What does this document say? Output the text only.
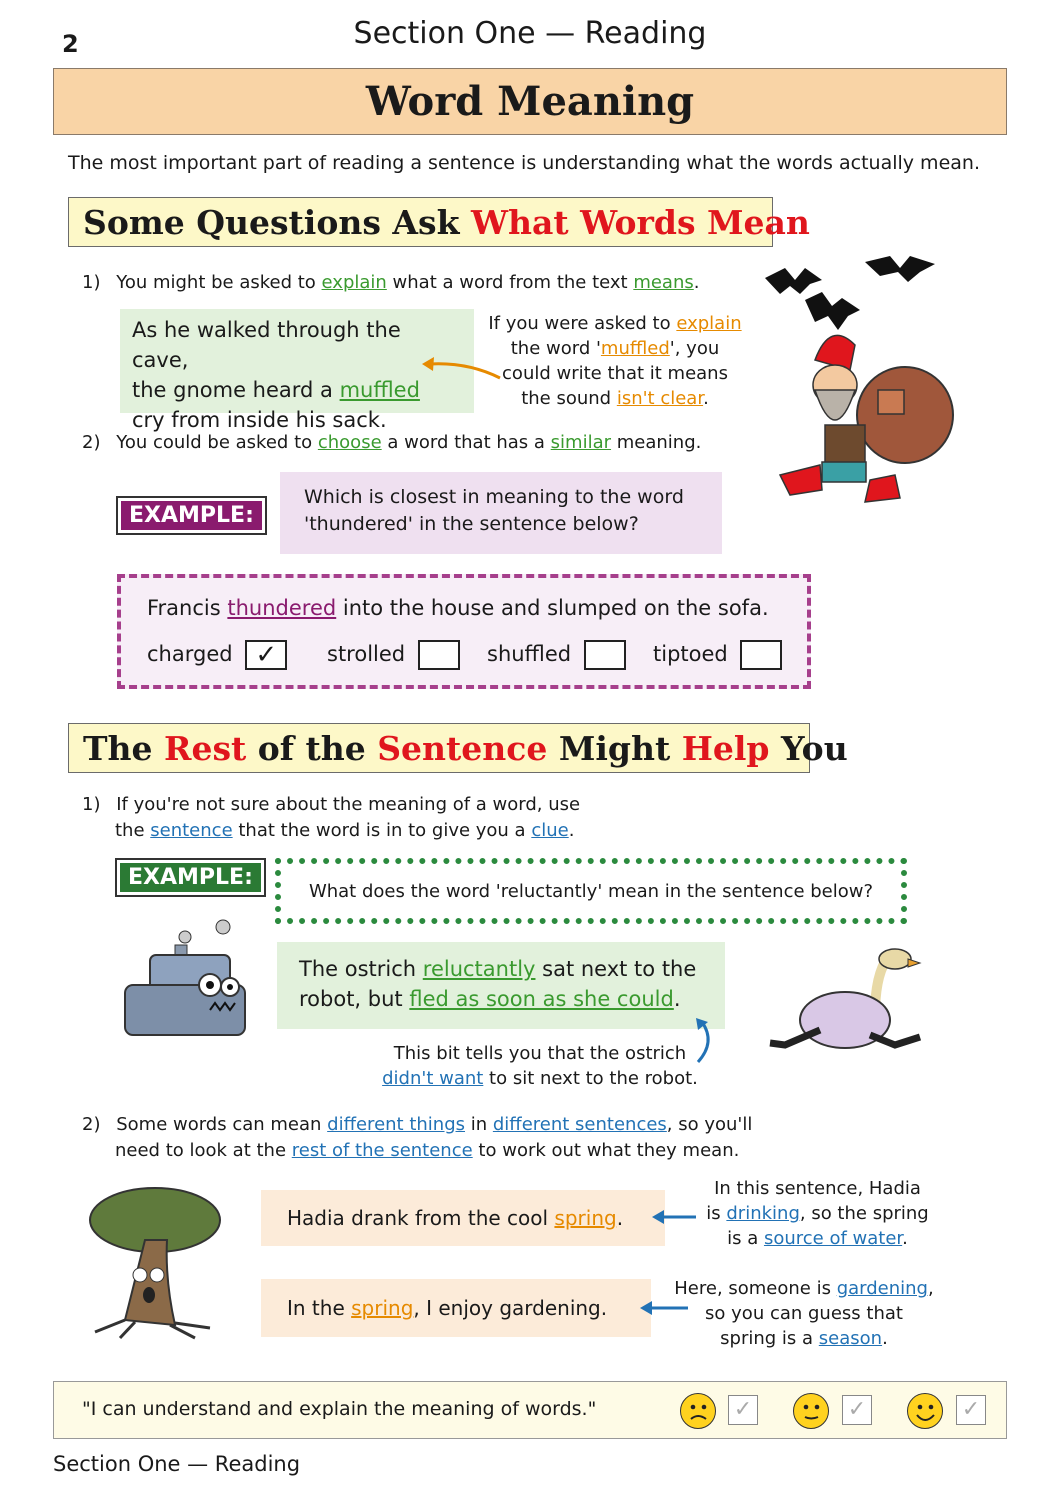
2	Section One — Reading
Word Meaning
The most important part of reading a sentence is understanding what the words actually mean.
Some Questions Ask What Words Mean
1) You might be asked to explain what a word from the text means.
As he walked through the cave,
the gnome heard a muffled
cry from inside his sack.
If you were asked to explain
the word 'muffled', you
could write that it means
the sound isn't clear.
2) You could be asked to choose a word that has a similar meaning.
EXAMPLE:
Which is closest in meaning to the word
'thundered' in the sentence below?
Francis thundered into the house and slumped on the sofa.
charged ✓	strolled	shuffled	tiptoed
The Rest of the Sentence Might Help You
1) If you're not sure about the meaning of a word, use
the sentence that the word is in to give you a clue.
EXAMPLE:
What does the word 'reluctantly' mean in the sentence below?
The ostrich reluctantly sat next to the
robot, but fled as soon as she could.
This bit tells you that the ostrich
didn't want to sit next to the robot.
2) Some words can mean different things in different sentences, so you'll
need to look at the rest of the sentence to work out what they mean.
Hadia drank from the cool spring .
In this sentence, Hadia
is drinking, so the spring
is a source of water.
In the spring , I enjoy gardening.
Here, someone is gardening,
so you can guess that
spring is a season.
"I can understand and explain the meaning of words."	✓	✓	✓
Section One — Reading
